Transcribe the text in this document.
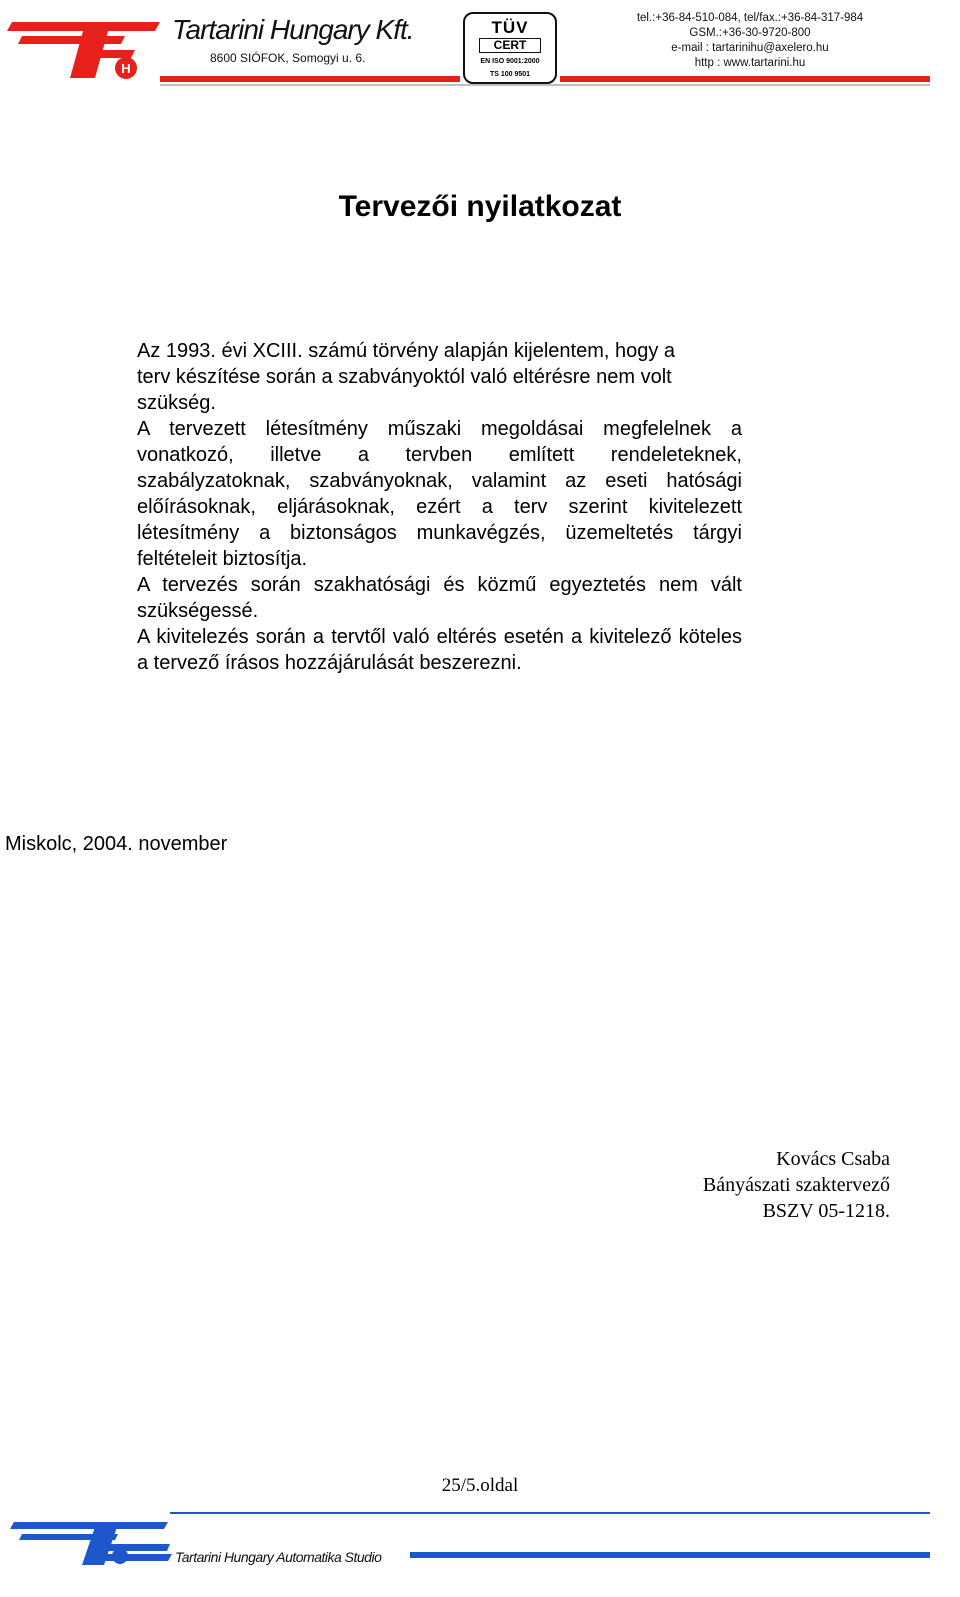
H
Tartarini Hungary Kft.
8600 SIÓFOK, Somogyi u. 6.
TÜV
CERT
EN ISO 9001:2000
TS 100 9501
tel.:+36-84-510-084, tel/fax.:+36-84-317-984
GSM.:+36-30-9720-800
e-mail : tartarinihu@axelero.hu
http : www.tartarini.hu
Tervezői nyilatkozat

Az 1993. évi XCIII. számú törvény alapján kijelentem, hogy a

terv készítése során a szabványoktól való eltérésre nem volt szükség.

A tervezett létesítmény műszaki megoldásai megfelelnek a vonatkozó, illetve a tervben említett rendeleteknek, szabályzatoknak, szabványoknak, valamint az eseti hatósági előírásoknak, eljárásoknak, ezért a terv szerint kivitelezett létesítmény a biztonságos munkavégzés, üzemeltetés tárgyi feltételeit biztosítja.

A tervezés során szakhatósági és közmű egyeztetés nem vált szükségessé.

A kivitelezés során a tervtől való eltérés esetén a kivitelező köteles a tervező írásos hozzájárulását beszerezni.

Miskolc, 2004. november
Kovács Csaba
Bányászati szaktervező
BSZV 05-1218.
25/5.oldal
Tartarini Hungary Automatika Studio
